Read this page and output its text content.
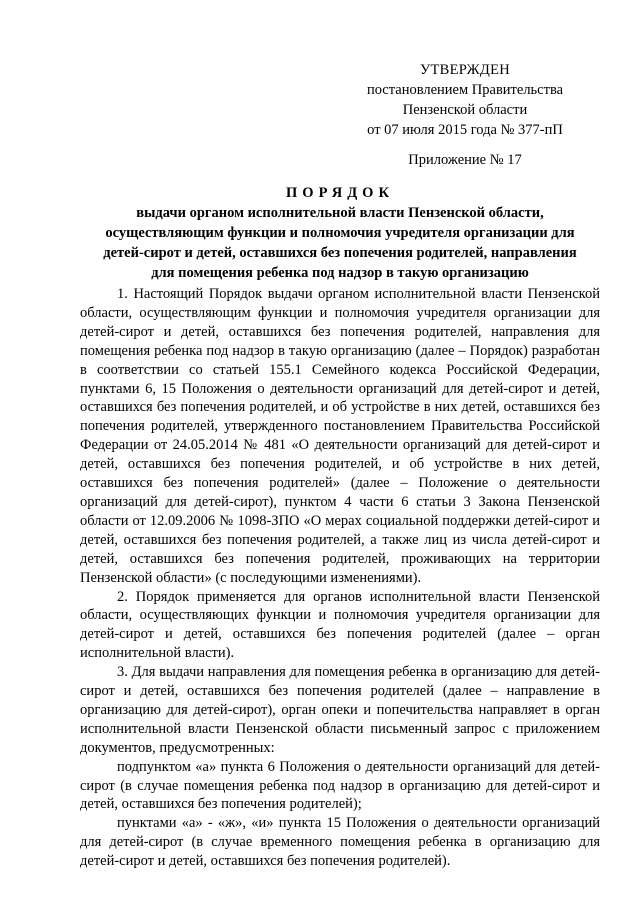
УТВЕРЖДЕН
постановлением Правительства
Пензенской области
от 07 июля 2015 года № 377-пП
Приложение № 17
ПОРЯДОК
выдачи органом исполнительной власти Пензенской области,
осуществляющим функции и полномочия учредителя организации для
детей-сирот и детей, оставшихся без попечения родителей, направления
для помещения ребенка под надзор в такую организацию

1. Настоящий Порядок выдачи органом исполнительной власти Пензенской области, осуществляющим функции и полномочия учредителя организации для детей-сирот и детей, оставшихся без попечения родителей, направления для помещения ребенка под надзор в такую организацию (далее – Порядок) разработан в соответствии со статьей 155.1 Семейного кодекса Российской Федерации, пунктами 6, 15 Положения о деятельности организаций для детей-сирот и детей, оставшихся без попечения родителей, и об устройстве в них детей, оставшихся без попечения родителей, утвержденного постановлением Правительства Российской Федерации от 24.05.2014 № 481 «О деятельности организаций для детей-сирот и детей, оставшихся без попечения родителей, и об устройстве в них детей, оставшихся без попечения родителей» (далее – Положение о деятельности организаций для детей-сирот), пунктом 4 части 6 статьи 3 Закона Пензенской области от 12.09.2006 № 1098-ЗПО «О мерах социальной поддержки детей-сирот и детей, оставшихся без попечения родителей, а также лиц из числа детей-сирот и детей, оставшихся без попечения родителей, проживающих на территории Пензенской области» (с последующими изменениями).

2. Порядок применяется для органов исполнительной власти Пензенской области, осуществляющих функции и полномочия учредителя организации для детей-сирот и детей, оставшихся без попечения родителей (далее – орган исполнительной власти).

3. Для выдачи направления для помещения ребенка в организацию для детей-сирот и детей, оставшихся без попечения родителей (далее – направление в организацию для детей-сирот), орган опеки и попечительства направляет в орган исполнительной власти Пензенской области письменный запрос с приложением документов, предусмотренных:

подпунктом «а» пункта 6 Положения о деятельности организаций для детей-сирот (в случае помещения ребенка под надзор в организацию для детей-сирот и детей, оставшихся без попечения родителей);

пунктами «а» - «ж», «и» пункта 15 Положения о деятельности организаций для детей-сирот (в случае временного помещения ребенка в организацию для детей-сирот и детей, оставшихся без попечения родителей).
